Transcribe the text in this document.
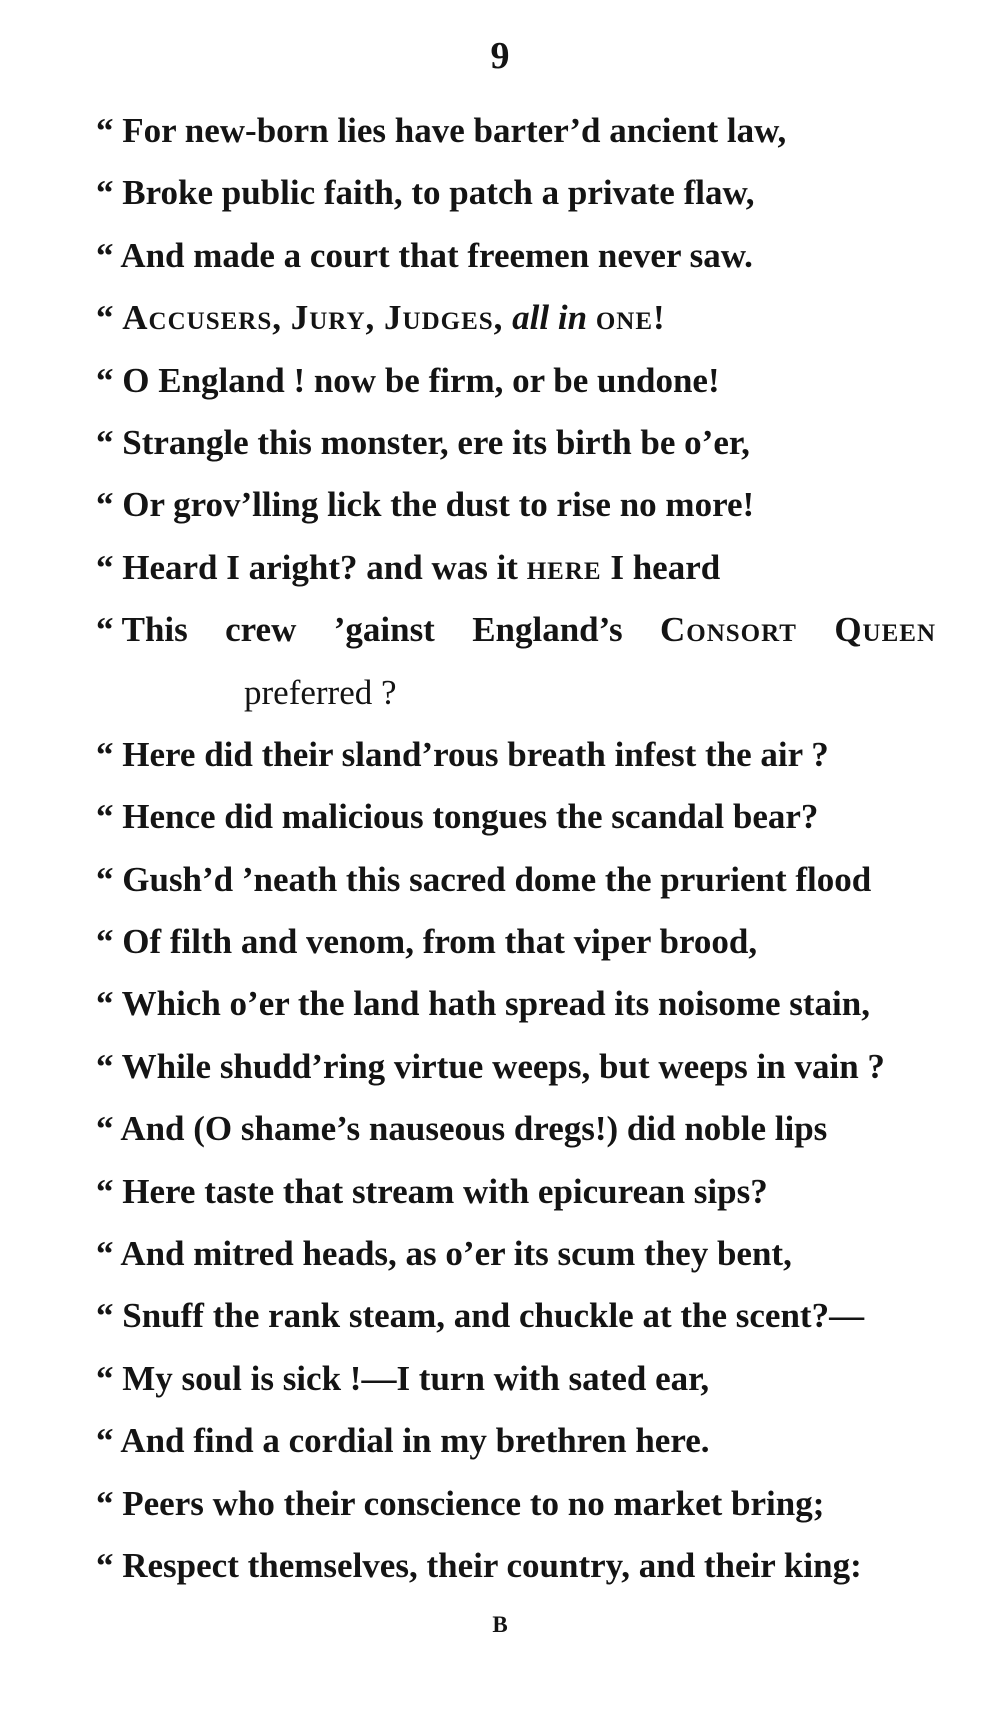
9
“ For new-born lies have barter’d ancient law,
“ Broke public faith, to patch a private flaw,
“ And made a court that freemen never saw.
“ Accusers, Jury, Judges, all in one!
“ O England ! now be firm, or be undone!
“ Strangle this monster, ere its birth be o’er,
“ Or grov’lling lick the dust to rise no more!
“ Heard I aright? and was it here I heard
“ This crew ’gainst England’s Consort Queen
preferred ?
“ Here did their sland’rous breath infest the air ?
“ Hence did malicious tongues the scandal bear?
“ Gush’d ’neath this sacred dome the prurient flood
“ Of filth and venom, from that viper brood,
“ Which o’er the land hath spread its noisome stain,
“ While shudd’ring virtue weeps, but weeps in vain ?
“ And (O shame’s nauseous dregs!) did noble lips
“ Here taste that stream with epicurean sips?
“ And mitred heads, as o’er its scum they bent,
“ Snuff the rank steam, and chuckle at the scent?—
“ My soul is sick !—I turn with sated ear,
“ And find a cordial in my brethren here.
“ Peers who their conscience to no market bring;
“ Respect themselves, their country, and their king:
B
